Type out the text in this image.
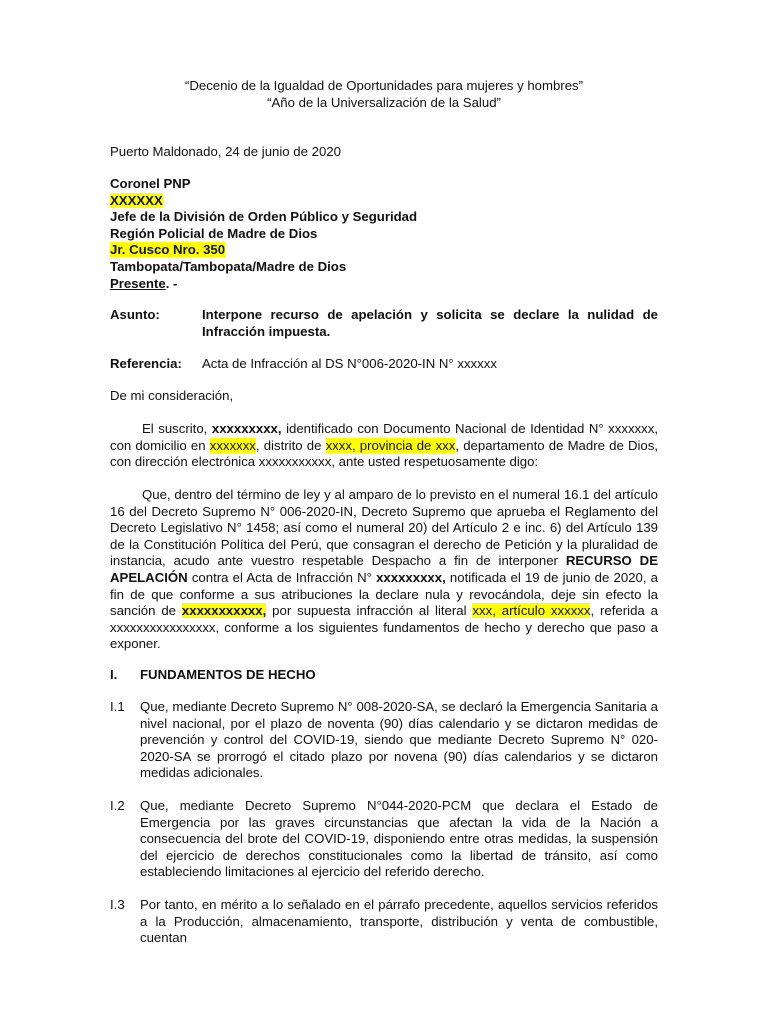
“Decenio de la Igualdad de Oportunidades para mujeres y hombres”
“Año de la Universalización de la Salud”
Puerto Maldonado, 24 de junio de 2020
Coronel PNP
XXXXXX
Jefe de la División de Orden Público y Seguridad
Región Policial de Madre de Dios
Jr. Cusco Nro. 350
Tambopata/Tambopata/Madre de Dios
Presente. -
Asunto:	Interpone recurso de apelación y solicita se declare la nulidad de Infracción impuesta.
Referencia:	Acta de Infracción al DS N°006-2020-IN N° xxxxxx
De mi consideración,
El suscrito, xxxxxxxxx, identificado con Documento Nacional de Identidad N° xxxxxxx, con domicilio en xxxxxxx, distrito de xxxx, provincia de xxx, departamento de Madre de Dios, con dirección electrónica xxxxxxxxxxx, ante usted respetuosamente digo:
Que, dentro del término de ley y al amparo de lo previsto en el numeral 16.1 del artículo 16 del Decreto Supremo N° 006-2020-IN, Decreto Supremo que aprueba el Reglamento del Decreto Legislativo N° 1458; así como el numeral 20) del Artículo 2 e inc. 6) del Artículo 139 de la Constitución Política del Perú, que consagran el derecho de Petición y la pluralidad de instancia, acudo ante vuestro respetable Despacho a fin de interponer RECURSO DE APELACIÓN contra el Acta de Infracción N° xxxxxxxxx, notificada el 19 de junio de 2020, a fin de que conforme a sus atribuciones la declare nula y revocándola, deje sin efecto la sanción de xxxxxxxxxxx, por supuesta infracción al literal xxx, artículo xxxxxx, referida a xxxxxxxxxxxxxxxx, conforme a los siguientes fundamentos de hecho y derecho que paso a exponer.
I.	FUNDAMENTOS DE HECHO
I.1	Que, mediante Decreto Supremo N° 008-2020-SA, se declaró la Emergencia Sanitaria a nivel nacional, por el plazo de noventa (90) días calendario y se dictaron medidas de prevención y control del COVID-19, siendo que mediante Decreto Supremo N° 020-2020-SA se prorrogó el citado plazo por novena (90) días calendarios y se dictaron medidas adicionales.
I.2	Que, mediante Decreto Supremo N°044-2020-PCM que declara el Estado de Emergencia por las graves circunstancias que afectan la vida de la Nación a consecuencia del brote del COVID-19, disponiendo entre otras medidas, la suspensión del ejercicio de derechos constitucionales como la libertad de tránsito, así como estableciendo limitaciones al ejercicio del referido derecho.
I.3	Por tanto, en mérito a lo señalado en el párrafo precedente, aquellos servicios referidos a la Producción, almacenamiento, transporte, distribución y venta de combustible, cuentan
